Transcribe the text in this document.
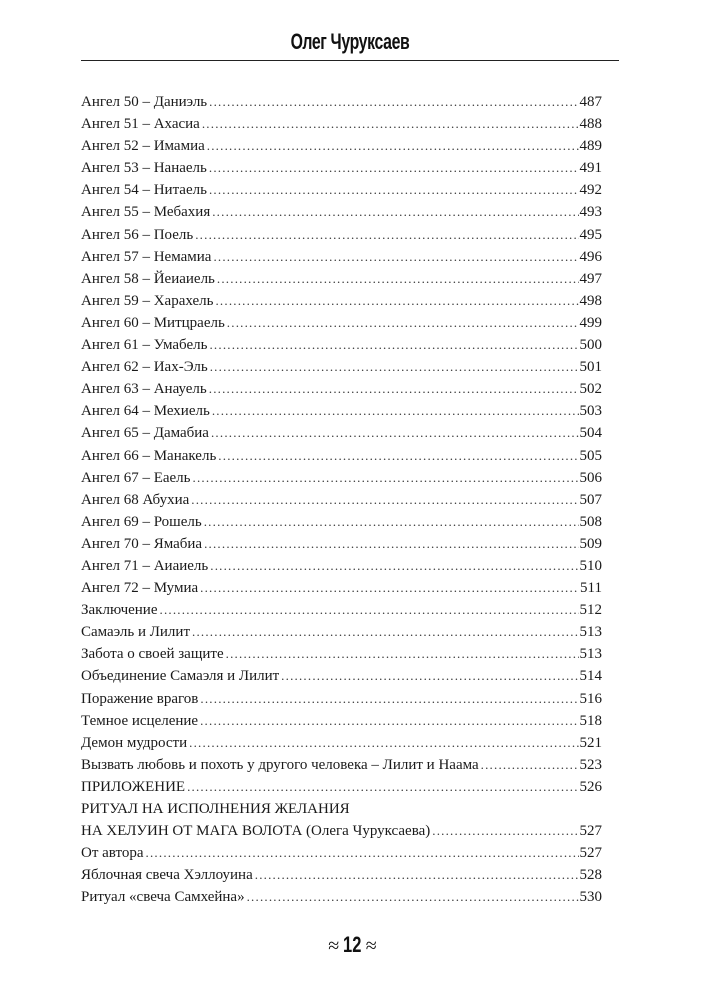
Олег Чуруксаев
Ангел 50 – Даниэль .....	487
Ангел 51 – Ахасиа .....	488
Ангел 52 – Имамиа .....	489
Ангел 53 – Нанаель .....	491
Ангел 54 – Нитаель .....	492
Ангел 55 – Мебахия .....	493
Ангел 56 – Поель .....	495
Ангел 57 – Немамиа .....	496
Ангел 58 – Йеиаиель .....	497
Ангел 59 – Харахель .....	498
Ангел 60 – Митцраель .....	499
Ангел 61 – Умабель .....	500
Ангел 62 – Иах-Эль .....	501
Ангел 63 – Анауель .....	502
Ангел 64 – Мехиель .....	503
Ангел 65 – Дамабиа .....	504
Ангел 66 – Манакель .....	505
Ангел 67 – Еаель .....	506
Ангел 68 Абухиа .....	507
Ангел 69 – Рошель .....	508
Ангел 70 – Ямабиа .....	509
Ангел 71 – Аиаиель .....	510
Ангел 72 – Мумиа .....	511
Заключение .....	512
Самаэль и Лилит .....	513
Забота о своей защите .....	513
Объединение Самаэля и Лилит .....	514
Поражение врагов .....	516
Темное исцеление .....	518
Демон мудрости .....	521
Вызвать любовь и похоть у другого человека – Лилит и Наама .....	523
ПРИЛОЖЕНИЕ .....	526
РИТУАЛ НА ИСПОЛНЕНИЯ ЖЕЛАНИЯ
НА ХЕЛУИН ОТ МАГА ВОЛОТА (Олега Чуруксаева) .....	527
От автора .....	527
Яблочная свеча Хэллоуина .....	528
Ритуал «свеча Самхейна» .....	530
≈ 12 ≈
